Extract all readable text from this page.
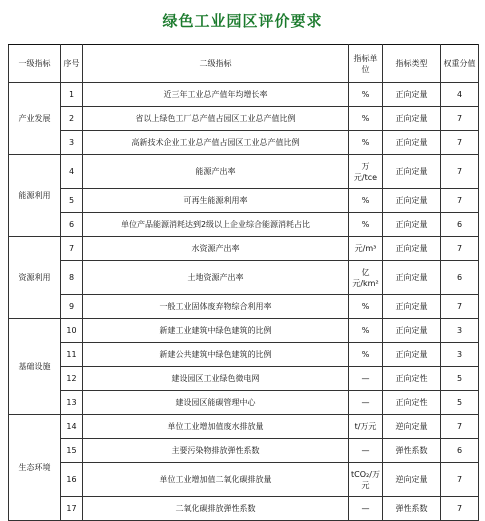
绿色工业园区评价要求
一级指标	序号	二级指标	指标单位	指标类型	权重分值
产业发展	1	近三年工业总产值年均增长率	%	正向定量	4
	2	省以上绿色工厂总产值占园区工业总产值比例	%	正向定量	7
	3	高新技术企业工业总产值占园区工业总产值比例	%	正向定量	7
能源利用	4	能源产出率	万元/tce	正向定量	7
	5	可再生能源利用率	%	正向定量	7
	6	单位产品能源消耗达到2级以上企业综合能源消耗占比	%	正向定量	6
资源利用	7	水资源产出率	元/m³	正向定量	7
	8	土地资源产出率	亿元/km²	正向定量	6
	9	一般工业固体废弃物综合利用率	%	正向定量	7
基础设施	10	新建工业建筑中绿色建筑的比例	%	正向定量	3
	11	新建公共建筑中绿色建筑的比例	%	正向定量	3
	12	建设园区工业绿色微电网	—	正向定性	5
	13	建设园区能碳管理中心	—	正向定性	5
生态环境	14	单位工业增加值废水排放量	t/万元	逆向定量	7
	15	主要污染物排放弹性系数	—	弹性系数	6
	16	单位工业增加值二氧化碳排放量	tCO₂/万元	逆向定量	7
	17	二氧化碳排放弹性系数	—	弹性系数	7
